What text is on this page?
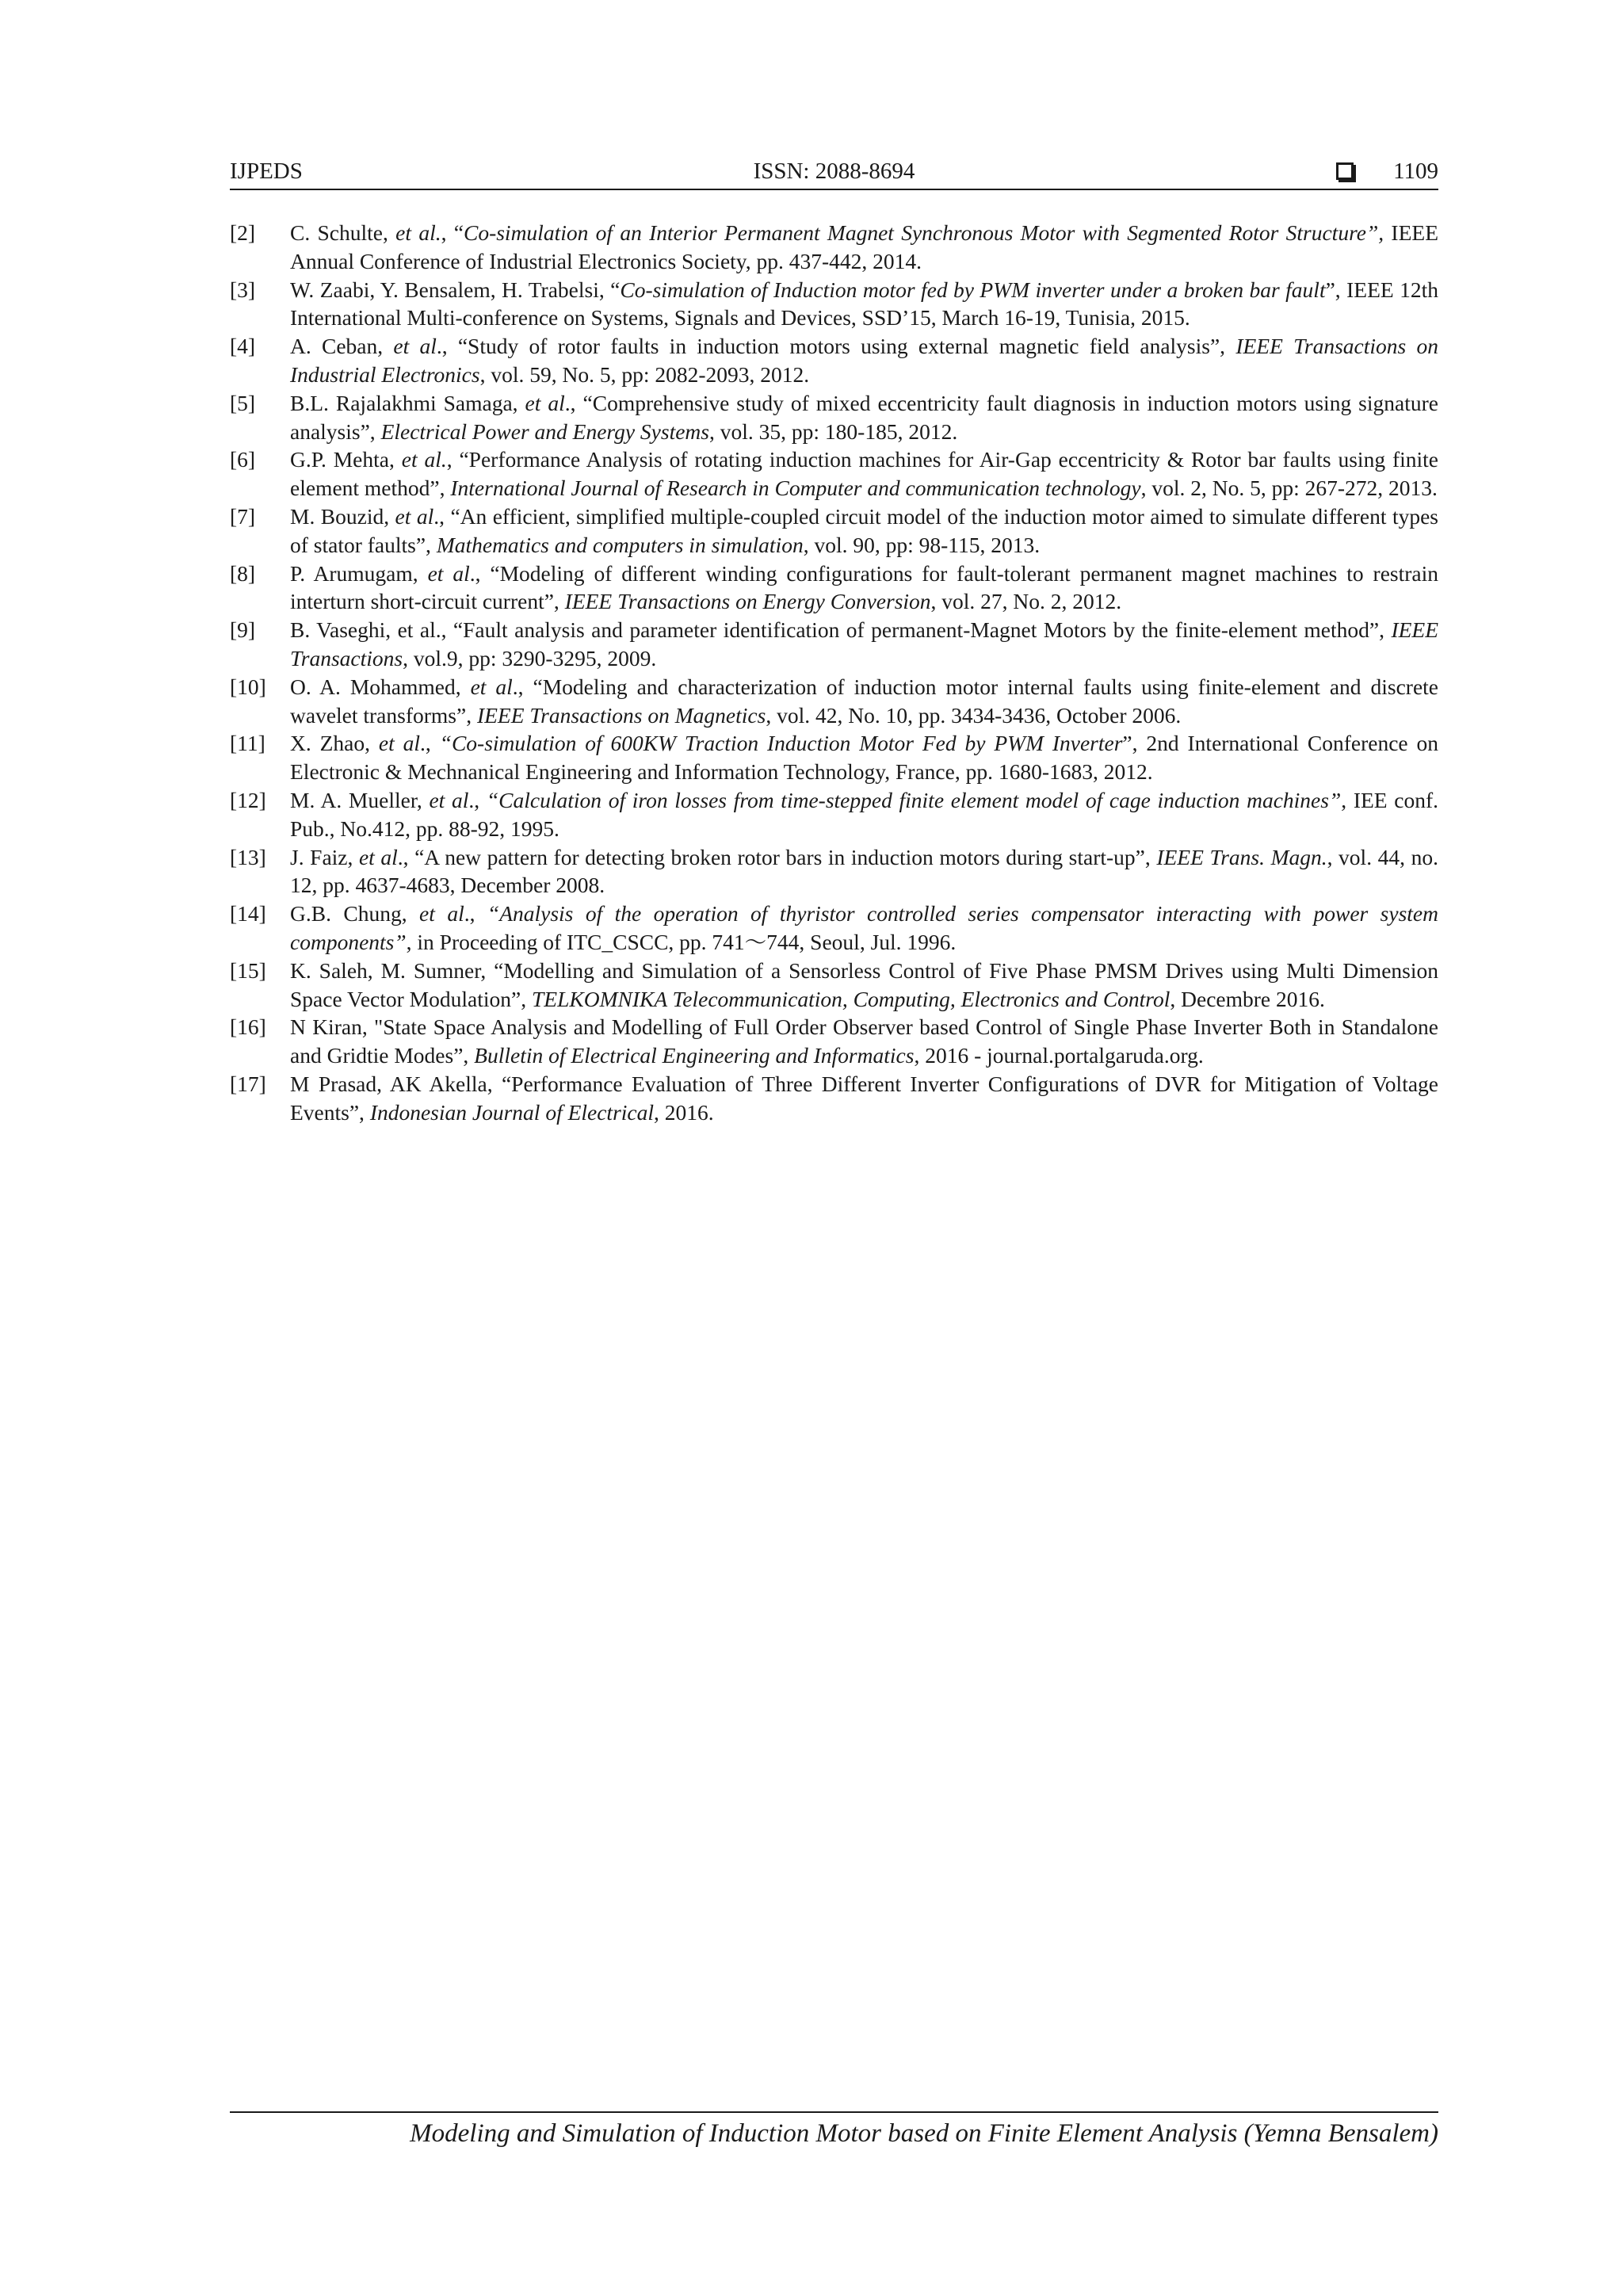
IJPEDS	ISSN: 2088-8694	1109
[2]	C. Schulte, et al., “Co-simulation of an Interior Permanent Magnet Synchronous Motor with Segmented Rotor Structure”, IEEE Annual Conference of Industrial Electronics Society, pp. 437-442, 2014.
[3]	W. Zaabi, Y. Bensalem, H. Trabelsi, “Co-simulation of Induction motor fed by PWM inverter under a broken bar fault”, IEEE 12th International Multi-conference on Systems, Signals and Devices, SSD’15, March 16-19, Tunisia, 2015.
[4]	A. Ceban, et al., “Study of rotor faults in induction motors using external magnetic field analysis”, IEEE Transactions on Industrial Electronics, vol. 59, No. 5, pp: 2082-2093, 2012.
[5]	B.L. Rajalakhmi Samaga, et al., “Comprehensive study of mixed eccentricity fault diagnosis in induction motors using signature analysis”, Electrical Power and Energy Systems, vol. 35, pp: 180-185, 2012.
[6]	G.P. Mehta, et al., “Performance Analysis of rotating induction machines for Air-Gap eccentricity & Rotor bar faults using finite element method”, International Journal of Research in Computer and communication technology, vol. 2, No. 5, pp: 267-272, 2013.
[7]	M. Bouzid, et al., “An efficient, simplified multiple-coupled circuit model of the induction motor aimed to simulate different types of stator faults”, Mathematics and computers in simulation, vol. 90, pp: 98-115, 2013.
[8]	P. Arumugam, et al., “Modeling of different winding configurations for fault-tolerant permanent magnet machines to restrain interturn short-circuit current”, IEEE Transactions on Energy Conversion, vol. 27, No. 2, 2012.
[9]	B. Vaseghi, et al., “Fault analysis and parameter identification of permanent-Magnet Motors by the finite-element method”, IEEE Transactions, vol.9, pp: 3290-3295, 2009.
[10]	O. A. Mohammed, et al., “Modeling and characterization of induction motor internal faults using finite-element and discrete wavelet transforms”, IEEE Transactions on Magnetics, vol. 42, No. 10, pp. 3434-3436, October 2006.
[11]	X. Zhao, et al., “Co-simulation of 600KW Traction Induction Motor Fed by PWM Inverter”, 2nd International Conference on Electronic & Mechnanical Engineering and Information Technology, France, pp. 1680-1683, 2012.
[12]	M. A. Mueller, et al., “Calculation of iron losses from time-stepped finite element model of cage induction machines”, IEE conf. Pub., No.412, pp. 88-92, 1995.
[13]	J. Faiz, et al., “A new pattern for detecting broken rotor bars in induction motors during start-up”, IEEE Trans. Magn., vol. 44, no. 12, pp. 4637-4683, December 2008.
[14]	G.B. Chung, et al., “Analysis of the operation of thyristor controlled series compensator interacting with power system components”, in Proceeding of ITC_CSCC, pp. 741〜744, Seoul, Jul. 1996.
[15]	K. Saleh, M. Sumner, “Modelling and Simulation of a Sensorless Control of Five Phase PMSM Drives using Multi Dimension Space Vector Modulation”, TELKOMNIKA Telecommunication, Computing, Electronics and Control, Decembre 2016.
[16]	N Kiran, "State Space Analysis and Modelling of Full Order Observer based Control of Single Phase Inverter Both in Standalone and Gridtie Modes”, Bulletin of Electrical Engineering and Informatics, 2016 - journal.portalgaruda.org.
[17]	M Prasad, AK Akella, “Performance Evaluation of Three Different Inverter Configurations of DVR for Mitigation of Voltage Events”, Indonesian Journal of Electrical, 2016.
Modeling and Simulation of Induction Motor based on Finite Element Analysis (Yemna Bensalem)
